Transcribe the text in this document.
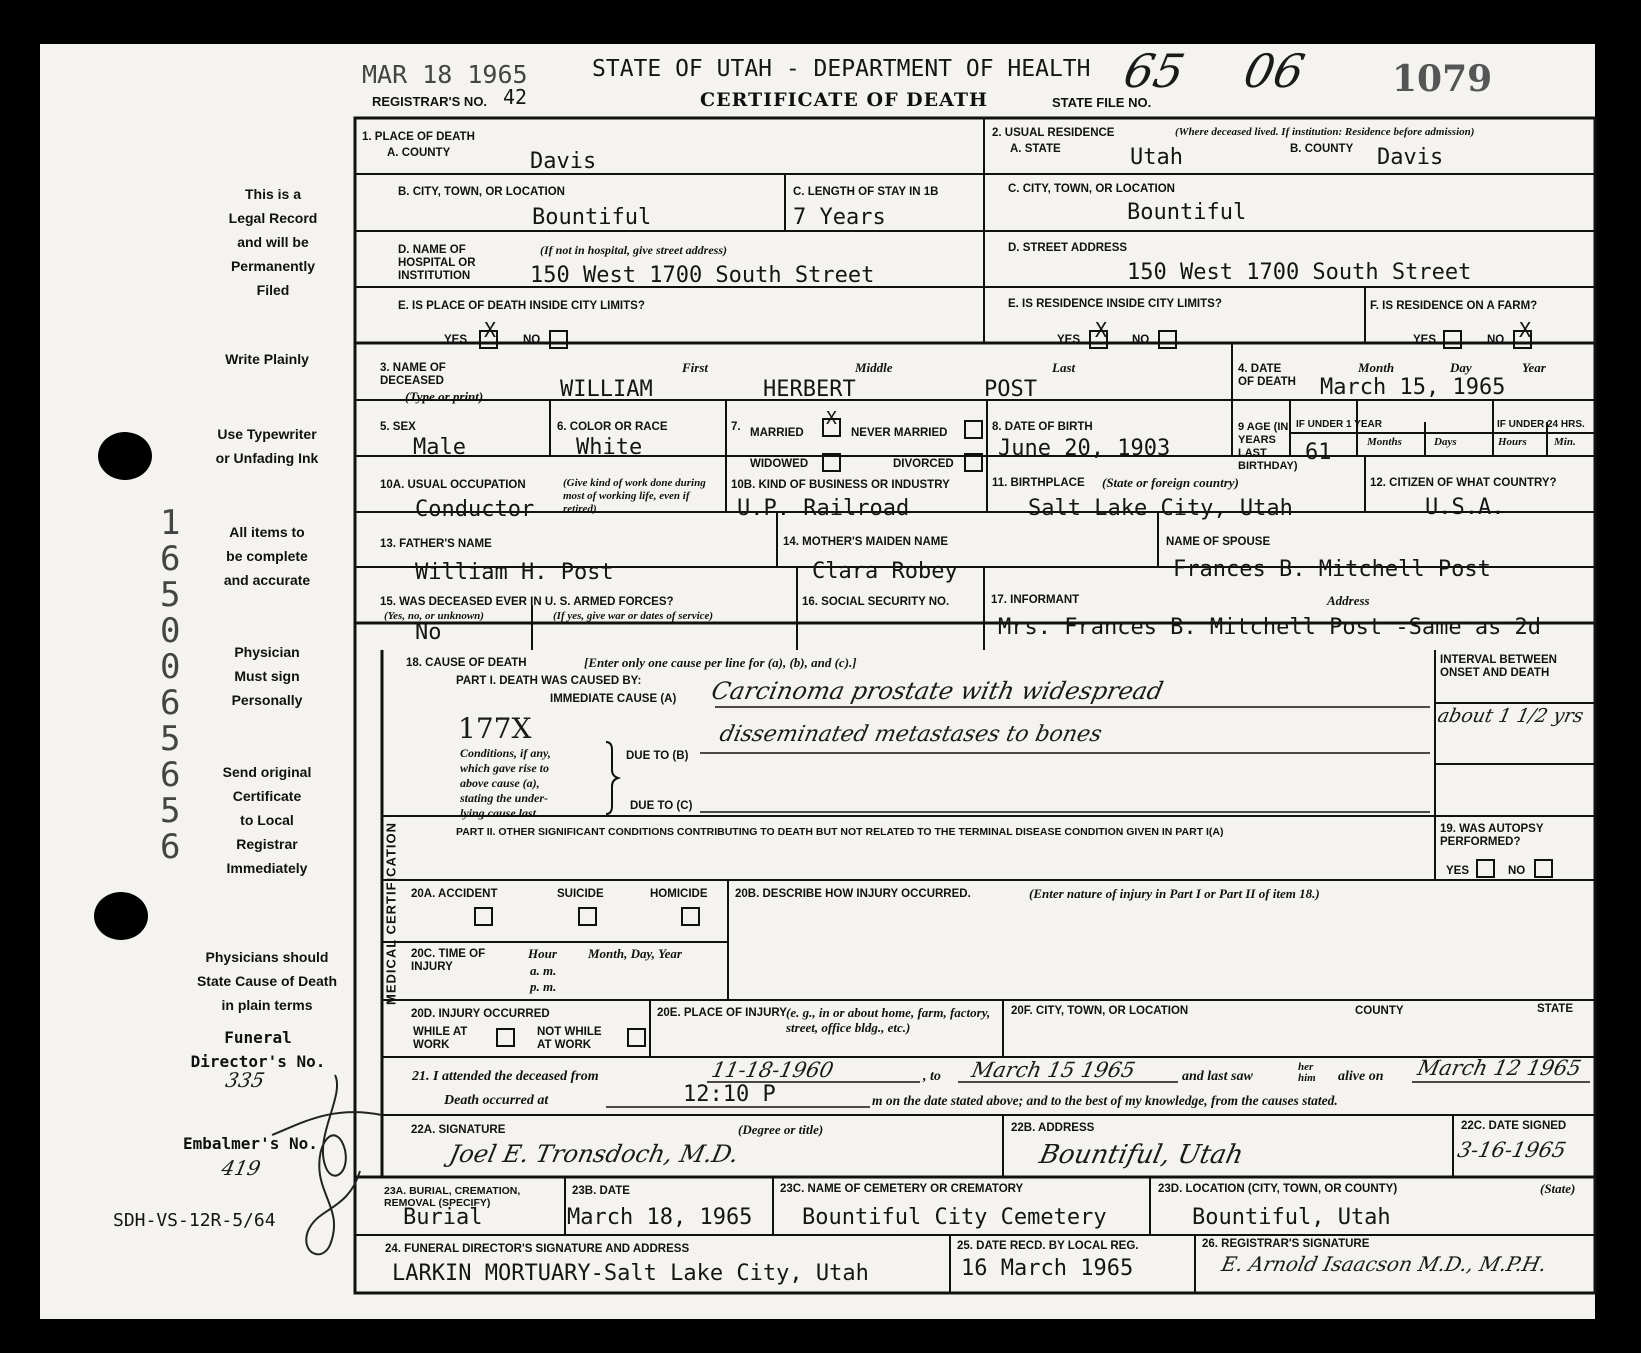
MAR 18 1965
REGISTRAR'S NO. 42
STATE OF UTAH - DEPARTMENT OF HEALTH
CERTIFICATE OF DEATH	STATE FILE NO.
65 06 1079
This is a
Legal Record
and will be
Permanently
Filed
Write Plainly
Use Typewriter
or Unfading Ink
All items to
be complete
and accurate
Physician
Must sign
Personally
Send original
Certificate
to Local
Registrar
Immediately
Physicians should
State Cause of Death
in plain terms
Funeral
Director's No.
335
Embalmer's No.
419
1650065656
SDH-VS-12R-5/64
MEDICAL CERTIFICATION
1. PLACE OF DEATH
A. COUNTY	Davis
2. USUAL RESIDENCE	(Where deceased lived. If institution: Residence before admission)
A. STATE	Utah	B. COUNTY Davis
B. CITY, TOWN, OR LOCATION
Bountiful
C. LENGTH OF STAY IN 1B
7 Years
C. CITY, TOWN, OR LOCATION
Bountiful
D. NAME OF HOSPITAL OR INSTITUTION
(If not in hospital, give street address)
150 West 1700 South Street
D. STREET ADDRESS
150 West 1700 South Street
E. IS PLACE OF DEATH INSIDE CITY LIMITS?
YES X NO
E. IS RESIDENCE INSIDE CITY LIMITS?
YES X NO
F. IS RESIDENCE ON A FARM?
YES	NO X
3. NAME OF DECEASED
(Type or print)
First	Middle	Last
WILLIAM	HERBERT	POST
4. DATE OF DEATH
Month	Day	Year
March 15, 1965
5. SEX
Male
6. COLOR OR RACE
White
7. MARRIED
X
NEVER MARRIED
WIDOWED	DIVORCED
8. DATE OF BIRTH
June 20, 1903
9 AGE (IN YEARS LAST BIRTHDAY)
61
IF UNDER 1 YEAR	IF UNDER 24 HRS.
Months	Days	Hours Min.
10A. USUAL OCCUPATION	(Give kind of work done during most of working life, even if retired)
Conductor
10B. KIND OF BUSINESS OR INDUSTRY
U.P. Railroad
11. BIRTHPLACE (State or foreign country)
Salt Lake City, Utah
12. CITIZEN OF WHAT COUNTRY?
U.S.A.
13. FATHER'S NAME
William H. Post
14. MOTHER'S MAIDEN NAME
Clara Robey
NAME OF SPOUSE
Frances B. Mitchell Post
15. WAS DECEASED EVER IN U. S. ARMED FORCES?
(Yes, no, or unknown)	(If yes, give war or dates of service)
No
16. SOCIAL SECURITY NO.	17. INFORMANT	Address
Mrs. Frances B. Mitchell Post -Same as 2d
18. CAUSE OF DEATH	[Enter only one cause per line for (a), (b), and (c).]
PART I. DEATH WAS CAUSED BY:
IMMEDIATE CAUSE (A) Carcinoma prostate with widespread
177X
Conditions, if any,
which gave rise to
above cause (a),
stating the under-
lying cause last.
DUE TO (B)
disseminated metastases to bones
DUE TO (C)
PART II. OTHER SIGNIFICANT CONDITIONS CONTRIBUTING TO DEATH BUT NOT RELATED TO THE TERMINAL DISEASE CONDITION GIVEN IN PART I(A)
INTERVAL BETWEEN ONSET AND DEATH
about 1 1/2 yrs
19. WAS AUTOPSY PERFORMED?
YES	NO
20A. ACCIDENT	SUICIDE	HOMICIDE 20B. DESCRIBE HOW INJURY OCCURRED.	(Enter nature of injury in Part I or Part II of item 18.)
20C. TIME OF INJURY
Hour
a. m.
p. m.
Month, Day, Year
20D. INJURY OCCURRED
WHILE AT WORK
NOT WHILE AT WORK
20E. PLACE OF INJURY (e. g., in or about home, farm, factory, street, office bldg., etc.)
20F. CITY, TOWN, OR LOCATION	COUNTY	STATE
21. I attended the deceased from	11-18-1960	, to March 15 1965	and last saw
her him	alive on March 12 1965
Death occurred at	12:10 P	m on the date stated above; and to the best of my knowledge, from the causes stated.
22A. SIGNATURE	(Degree or title)
Joel E. Tronsdoch, M.D.
22B. ADDRESS
Bountiful, Utah
22C. DATE SIGNED
3-16-1965
23A. BURIAL, CREMATION, REMOVAL (SPECIFY)
Burial
23B. DATE
March 18, 1965
23C. NAME OF CEMETERY OR CREMATORY
Bountiful City Cemetery
23D. LOCATION (CITY, TOWN, OR COUNTY)	(State)
Bountiful, Utah
24. FUNERAL DIRECTOR'S SIGNATURE AND ADDRESS
LARKIN MORTUARY-Salt Lake City, Utah
25. DATE RECD. BY LOCAL REG.
16 March 1965
26. REGISTRAR'S SIGNATURE
E. Arnold Isaacson M.D., M.P.H.
